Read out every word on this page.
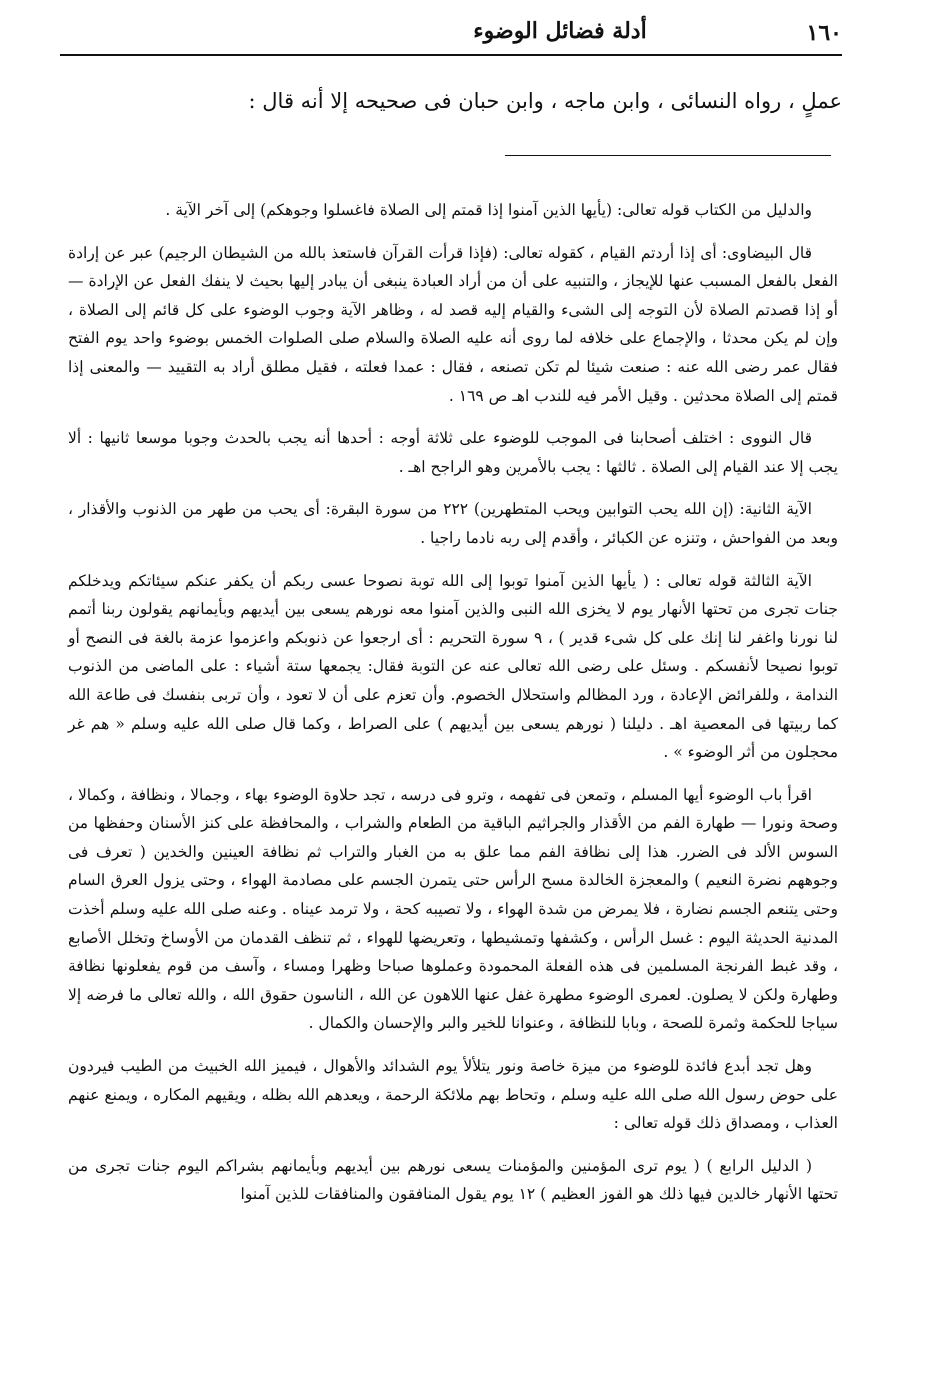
١٦٠
أدلة فضائل الوضوء
عملٍ ، رواه النسائى ، وابن ماجه ، وابن حبان فى صحيحه إلا أنه قال :

والدليل من الكتاب قوله تعالى: (يأيها الذين آمنوا إذا قمتم إلى الصلاة فاغسلوا وجوهكم) إلى آخر الآية .

قال البيضاوى: أى إذا أردتم القيام ، كقوله تعالى: (فإذا قرأت القرآن فاستعذ بالله من الشيطان الرجيم) عبر عن إرادة الفعل بالفعل المسبب عنها للإيجاز ، والتنبيه على أن من أراد العبادة ينبغى أن يبادر إليها بحيث لا ينفك الفعل عن الإرادة — أو إذا قصدتم الصلاة لأن التوجه إلى الشىء والقيام إليه قصد له ، وظاهر الآية وجوب الوضوء على كل قائم إلى الصلاة ، وإن لم يكن محدثا ، والإجماع على خلافه لما روى أنه عليه الصلاة والسلام صلى الصلوات الخمس بوضوء واحد يوم الفتح فقال عمر رضى الله عنه : صنعت شيئا لم تكن تصنعه ، فقال : عمدا فعلته ، فقيل مطلق أراد به التقييد — والمعنى إذا قمتم إلى الصلاة محدثين . وقيل الأمر فيه للندب اهـ ص ١٦٩ .

قال النووى : اختلف أصحابنا فى الموجب للوضوء على ثلاثة أوجه : أحدها أنه يجب بالحدث وجوبا موسعا ثانيها : ألا يجب إلا عند القيام إلى الصلاة . ثالثها : يجب بالأمرين وهو الراجح اهـ .

الآية الثانية: (إن الله يحب التوابين ويحب المتطهرين) ٢٢٢ من سورة البقرة: أى يحب من طهر من الذنوب والأقذار ، وبعد من الفواحش ، وتنزه عن الكبائر ، وأقدم إلى ربه نادما راجيا .

الآية الثالثة قوله تعالى : ( يأيها الذين آمنوا توبوا إلى الله توبة نصوحا عسى ربكم أن يكفر عنكم سيئاتكم ويدخلكم جنات تجرى من تحتها الأنهار يوم لا يخزى الله النبى والذين آمنوا معه نورهم يسعى بين أيديهم وبأيمانهم يقولون ربنا أتمم لنا نورنا واغفر لنا إنك على كل شىء قدير ) ، ٩ سورة التحريم : أى ارجعوا عن ذنوبكم واعزموا عزمة بالغة فى النصح أو توبوا نصيحا لأنفسكم . وسئل على رضى الله تعالى عنه عن التوبة فقال: يجمعها ستة أشياء : على الماضى من الذنوب الندامة ، وللفرائض الإعادة ، ورد المظالم واستحلال الخصوم. وأن تعزم على أن لا تعود ، وأن تربى بنفسك فى طاعة الله كما ربيتها فى المعصية اهـ . دليلنا ( نورهم يسعى بين أيديهم ) على الصراط ، وكما قال صلى الله عليه وسلم « هم غر محجلون من أثر الوضوء » .

اقرأ باب الوضوء أيها المسلم ، وتمعن فى تفهمه ، وترو فى درسه ، تجد حلاوة الوضوء بهاء ، وجمالا ، ونظافة ، وكمالا ، وصحة ونورا — طهارة الفم من الأقذار والجراثيم الباقية من الطعام والشراب ، والمحافظة على كنز الأسنان وحفظها من السوس الألد فى الضرر. هذا إلى نظافة الفم مما علق به من الغبار والتراب ثم نظافة العينين والخدين ( تعرف فى وجوههم نضرة النعيم ) والمعجزة الخالدة مسح الرأس حتى يتمرن الجسم على مصادمة الهواء ، وحتى يزول العرق السام وحتى يتنعم الجسم نضارة ، فلا يمرض من شدة الهواء ، ولا تصيبه كحة ، ولا ترمد عيناه . وعنه صلى الله عليه وسلم أخذت المدنية الحديثة اليوم : غسل الرأس ، وكشفها وتمشيطها ، وتعريضها للهواء ، ثم تنظف القدمان من الأوساخ وتخلل الأصابع ، وقد غبط الفرنجة المسلمين فى هذه الفعلة المحمودة وعملوها صباحا وظهرا ومساء ، وآسف من قوم يفعلونها نظافة وطهارة ولكن لا يصلون. لعمرى الوضوء مطهرة غفل عنها اللاهون عن الله ، الناسون حقوق الله ، والله تعالى ما فرضه إلا سياجا للحكمة وثمرة للصحة ، وبابا للنظافة ، وعنوانا للخير والبر والإحسان والكمال .

وهل تجد أبدع فائدة للوضوء من ميزة خاصة ونور يتلألأ يوم الشدائد والأهوال ، فيميز الله الخبيث من الطيب فيردون على حوض رسول الله صلى الله عليه وسلم ، وتحاط بهم ملائكة الرحمة ، ويعدهم الله بظله ، ويقيهم المكاره ، ويمنع عنهم العذاب ، ومصداق ذلك قوله تعالى :

( الدليل الرابع ) ( يوم ترى المؤمنين والمؤمنات يسعى نورهم بين أيديهم وبأيمانهم بشراكم اليوم جنات تجرى من تحتها الأنهار خالدين فيها ذلك هو الفوز العظيم ) ١٢ يوم يقول المنافقون والمنافقات للذين آمنوا
